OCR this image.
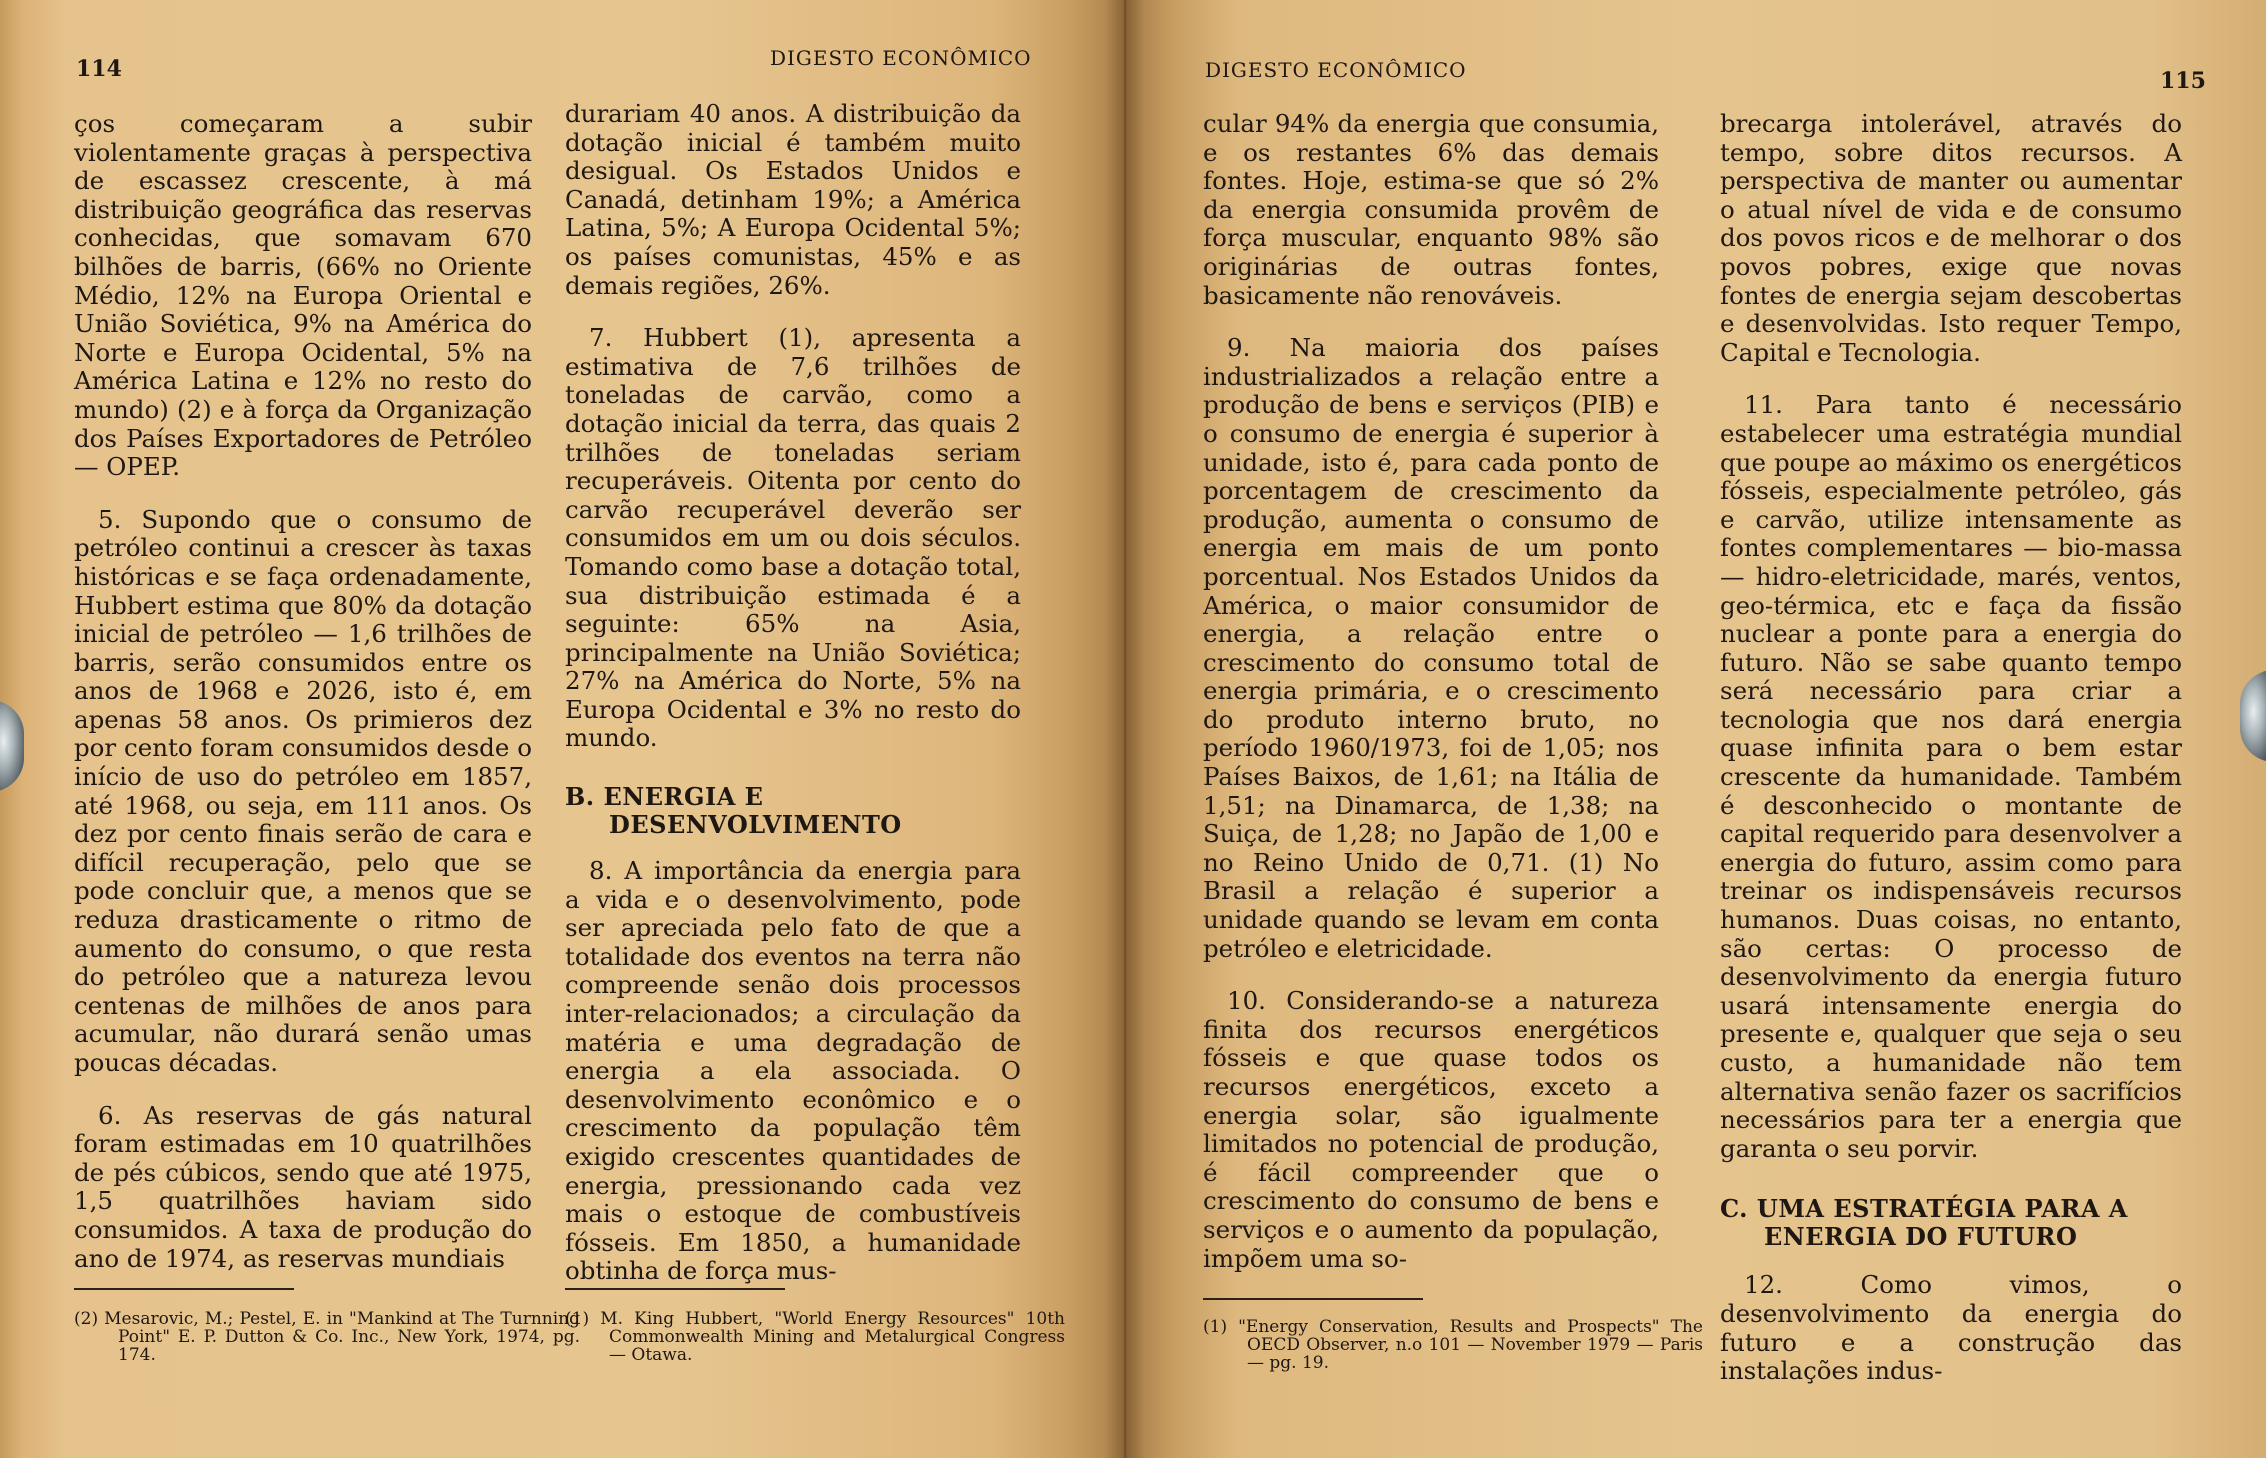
114	DIGESTO ECONÔMICO

ços começaram a subir violentamente graças à perspectiva de escassez crescente, à má distribuição geográfica das reservas conhecidas, que somavam 670 bilhões de barris, (66% no Oriente Médio, 12% na Europa Oriental e União Soviética, 9% na América do Norte e Europa Ocidental, 5% na América Latina e 12% no resto do mundo) (2) e à força da Organização dos Países Exportadores de Petróleo — OPEP.

5. Supondo que o consumo de petróleo continui a crescer às taxas históricas e se faça ordenadamente, Hubbert estima que 80% da dotação inicial de petróleo — 1,6 trilhões de barris, serão consumidos entre os anos de 1968 e 2026, isto é, em apenas 58 anos. Os primieros dez por cento foram consumidos desde o início de uso do petróleo em 1857, até 1968, ou seja, em 111 anos. Os dez por cento finais serão de cara e difícil recuperação, pelo que se pode concluir que, a menos que se reduza drasticamente o ritmo de aumento do consumo, o que resta do petróleo que a natureza levou centenas de milhões de anos para acumular, não durará senão umas poucas décadas.

6. As reservas de gás natural foram estimadas em 10 quatrilhões de pés cúbicos, sendo que até 1975, 1,5 quatrilhões haviam sido consumidos. A taxa de produção do ano de 1974, as reservas mundiais

durariam 40 anos. A distribuição da dotação inicial é também muito desigual. Os Estados Unidos e Canadá, detinham 19%; a América Latina, 5%; A Europa Ocidental 5%; os países comunistas, 45% e as demais regiões, 26%.

7. Hubbert (1), apresenta a estimativa de 7,6 trilhões de toneladas de carvão, como a dotação inicial da terra, das quais 2 trilhões de toneladas seriam recuperáveis. Oitenta por cento do carvão recuperável deverão ser consumidos em um ou dois séculos. Tomando como base a dotação total, sua distribuição estimada é a seguinte: 65% na Asia, principalmente na União Soviética; 27% na América do Norte, 5% na Europa Ocidental e 3% no resto do mundo.

B. ENERGIA E DESENVOLVIMENTO

8. A importância da energia para a vida e o desenvolvimento, pode ser apreciada pelo fato de que a totalidade dos eventos na terra não compreende senão dois processos inter-relacionados; a circulação da matéria e uma degradação de energia a ela associada. O desenvolvimento econômico e o crescimento da população têm exigido crescentes quantidades de energia, pressionando cada vez mais o estoque de combustíveis fósseis. Em 1850, a humanidade obtinha de força mus-

(2) Mesarovic, M.; Pestel, E. in "Mankind at The Turnning Point" E. P. Dutton & Co. Inc., New York, 1974, pg. 174.
(1) M. King Hubbert, "World Energy Resources" 10th Commonwealth Mining and Metalurgical Congress — Otawa.
DIGESTO ECONÔMICO	115

cular 94% da energia que consumia, e os restantes 6% das demais fontes. Hoje, estima-se que só 2% da energia consumida provêm de força muscular, enquanto 98% são originárias de outras fontes, basicamente não renováveis.

9. Na maioria dos países industrializados a relação entre a produção de bens e serviços (PIB) e o consumo de energia é superior à unidade, isto é, para cada ponto de porcentagem de crescimento da produção, aumenta o consumo de energia em mais de um ponto porcentual. Nos Estados Unidos da América, o maior consumidor de energia, a relação entre o crescimento do consumo total de energia primária, e o crescimento do produto interno bruto, no período 1960/1973, foi de 1,05; nos Países Baixos, de 1,61; na Itália de 1,51; na Dinamarca, de 1,38; na Suiça, de 1,28; no Japão de 1,00 e no Reino Unido de 0,71. (1) No Brasil a relação é superior a unidade quando se levam em conta petróleo e eletricidade.

10. Considerando-se a natureza finita dos recursos energéticos fósseis e que quase todos os recursos energéticos, exceto a energia solar, são igualmente limitados no potencial de produção, é fácil compreender que o crescimento do consumo de bens e serviços e o aumento da população, impõem uma so-

(1) "Energy Conservation, Results and Prospects" The OECD Observer, n.o 101 — November 1979 — Paris — pg. 19.

brecarga intolerável, através do tempo, sobre ditos recursos. A perspectiva de manter ou aumentar o atual nível de vida e de consumo dos povos ricos e de melhorar o dos povos pobres, exige que novas fontes de energia sejam descobertas e desenvolvidas. Isto requer Tempo, Capital e Tecnologia.

11. Para tanto é necessário estabelecer uma estratégia mundial que poupe ao máximo os energéticos fósseis, especialmente petróleo, gás e carvão, utilize intensamente as fontes complementares — bio-massa — hidro-eletricidade, marés, ventos, geo-térmica, etc e faça da fissão nuclear a ponte para a energia do futuro. Não se sabe quanto tempo será necessário para criar a tecnologia que nos dará energia quase infinita para o bem estar crescente da humanidade. Também é desconhecido o montante de capital requerido para desenvolver a energia do futuro, assim como para treinar os indispensáveis recursos humanos. Duas coisas, no entanto, são certas: O processo de desenvolvimento da energia futuro usará intensamente energia do presente e, qualquer que seja o seu custo, a humanidade não tem alternativa senão fazer os sacrifícios necessários para ter a energia que garanta o seu porvir.

C. UMA ESTRATÉGIA PARA A ENERGIA DO FUTURO

12. Como vimos, o desenvolvimento da energia do futuro e a construção das instalações indus-
